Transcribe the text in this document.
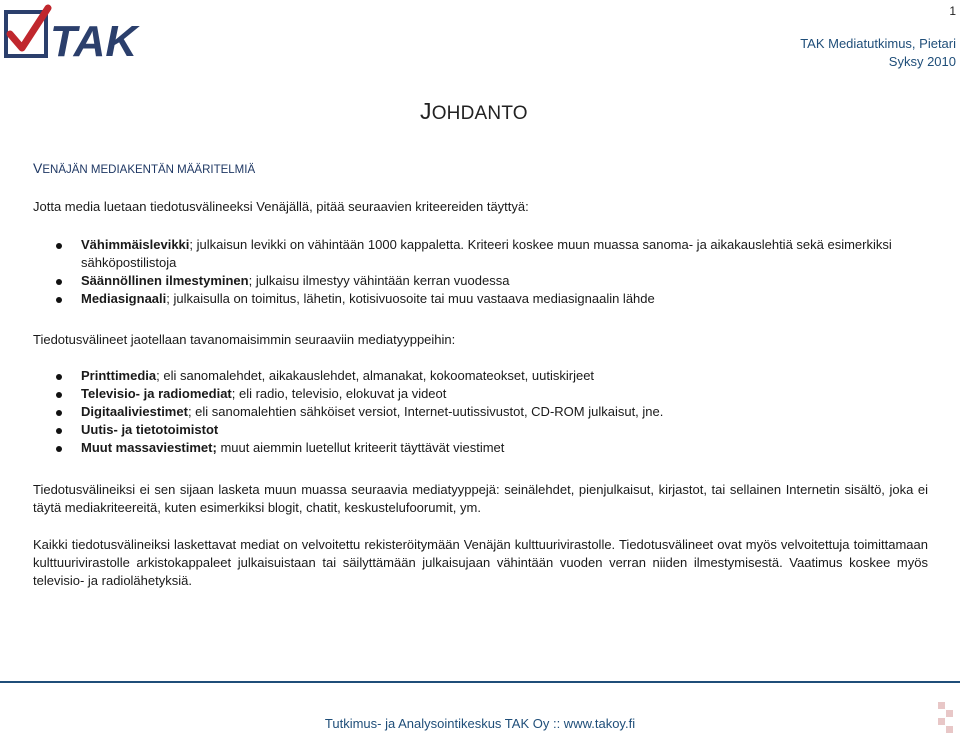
TAK
1
TAK Mediatutkimus, Pietari
Syksy 2010
JOHDANTO
VENÄJÄN MEDIAKENTÄN MÄÄRITELMIÄ
Jotta media luetaan tiedotusvälineeksi Venäjällä, pitää seuraavien kriteereiden täyttyä:
Vähimmäislevikki; julkaisun levikki on vähintään 1000 kappaletta. Kriteeri koskee muun muassa sanoma- ja aikakauslehtiä sekä esimerkiksi sähköpostilistoja
Säännöllinen ilmestyminen; julkaisu ilmestyy vähintään kerran vuodessa
Mediasignaali; julkaisulla on toimitus, lähetin, kotisivuosoite tai muu vastaava mediasignaalin lähde
Tiedotusvälineet jaotellaan tavanomaisimmin seuraaviin mediatyyppeihin:
Printtimedia; eli sanomalehdet, aikakauslehdet, almanakat, kokoomateokset, uutiskirjeet
Televisio- ja radiomediat; eli radio, televisio, elokuvat ja videot
Digitaaliviestimet; eli sanomalehtien sähköiset versiot, Internet-uutissivustot, CD-ROM julkaisut, jne.
Uutis- ja tietotoimistot
Muut massaviestimet; muut aiemmin luetellut kriteerit täyttävät viestimet
Tiedotusvälineiksi ei sen sijaan lasketa muun muassa seuraavia mediatyyppejä: seinälehdet, pienjulkaisut, kirjastot, tai sellainen Internetin sisältö, joka ei täytä mediakriteereitä, kuten esimerkiksi blogit, chatit, keskustelufoorumit, ym.
Kaikki tiedotusvälineiksi laskettavat mediat on velvoitettu rekisteröitymään Venäjän kulttuurivirastolle. Tiedotusvälineet ovat myös velvoitettuja toimittamaan kulttuurivirastolle arkistokappaleet julkaisuistaan tai säilyttämään julkaisujaan vähintään vuoden verran niiden ilmestymisestä. Vaatimus koskee myös televisio- ja radiolähetyksiä.
Tutkimus- ja Analysointikeskus TAK Oy :: www.takoy.fi
